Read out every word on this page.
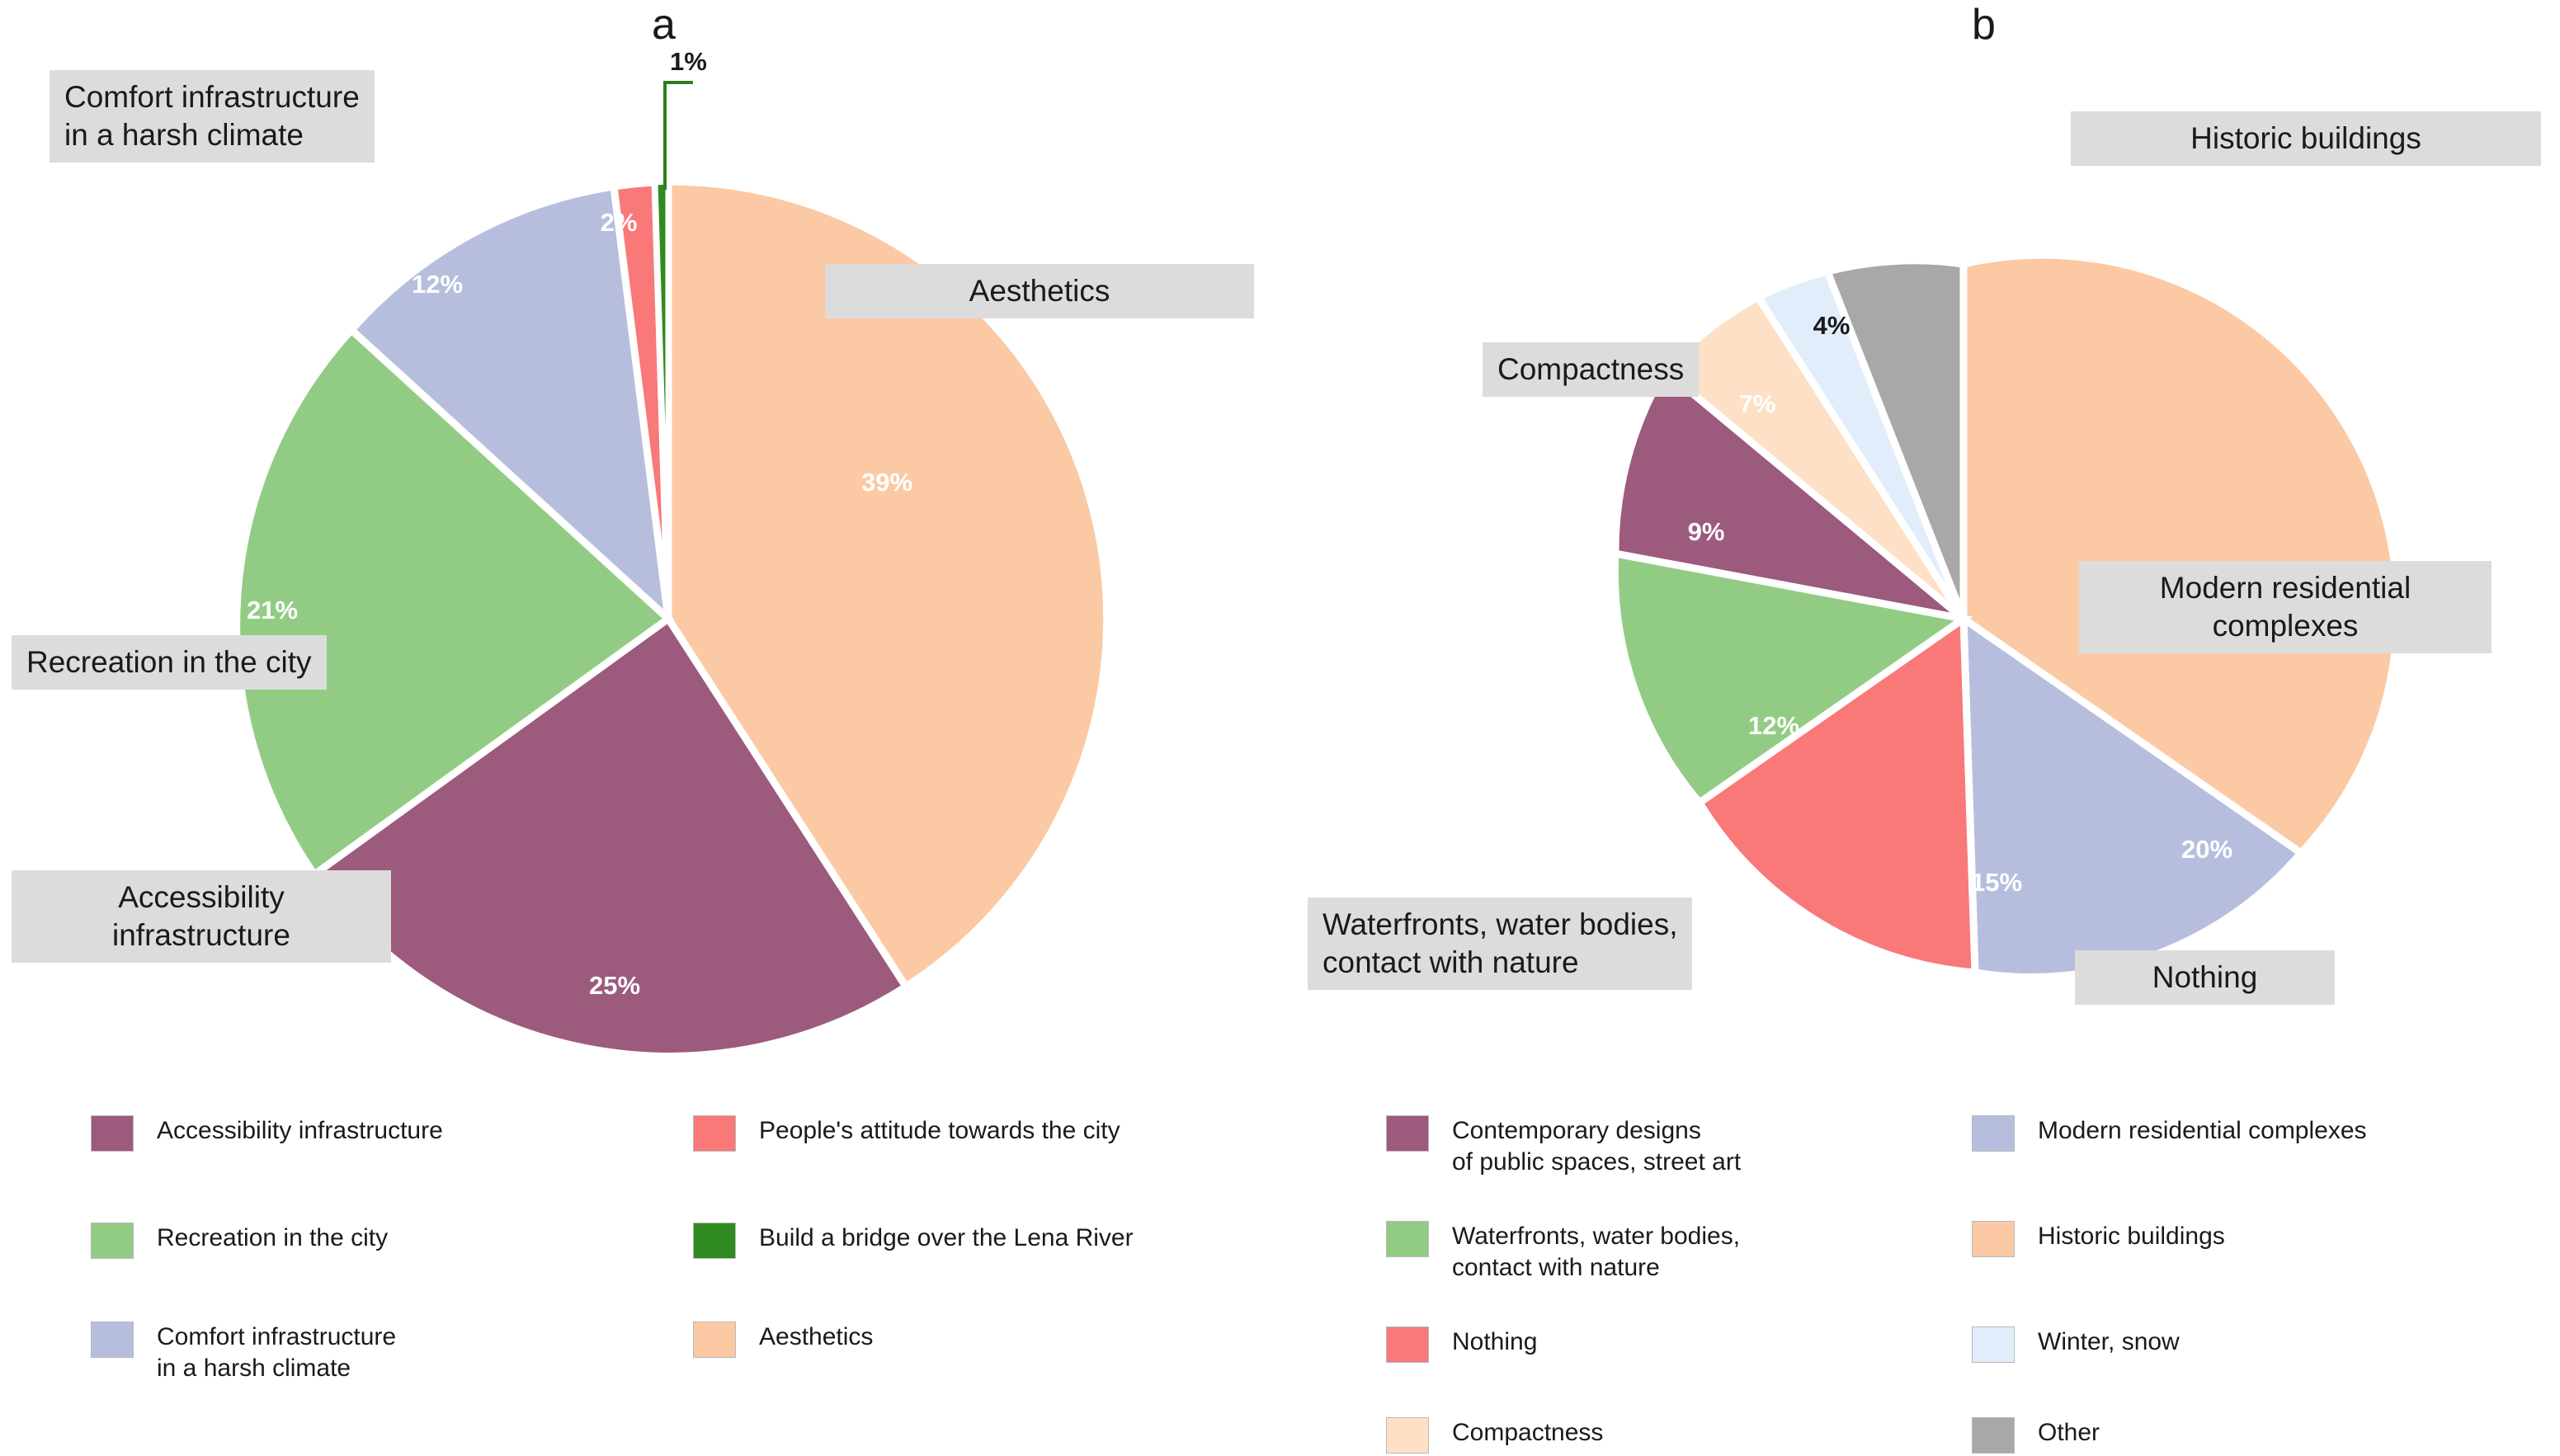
a
39%
25%
21%
12%
2%
1%
Comfort infrastructure
in a harsh climate
Aesthetics
Recreation in the city
Accessibility
infrastructure
Accessibility infrastructure
Recreation in the city
Comfort infrastructure
in a harsh climate
People's attitude towards the city
Build a bridge over the Lena River
Aesthetics
b
20%
15%
12%
9%
7%
4%
Historic buildings
Compactness
Modern residential
complexes
Nothing
Waterfronts, water bodies,
contact with nature
Contemporary designs
of public spaces, street art
Waterfronts, water bodies,
contact with nature
Nothing
Compactness
Modern residential complexes
Historic buildings
Winter, snow
Other
